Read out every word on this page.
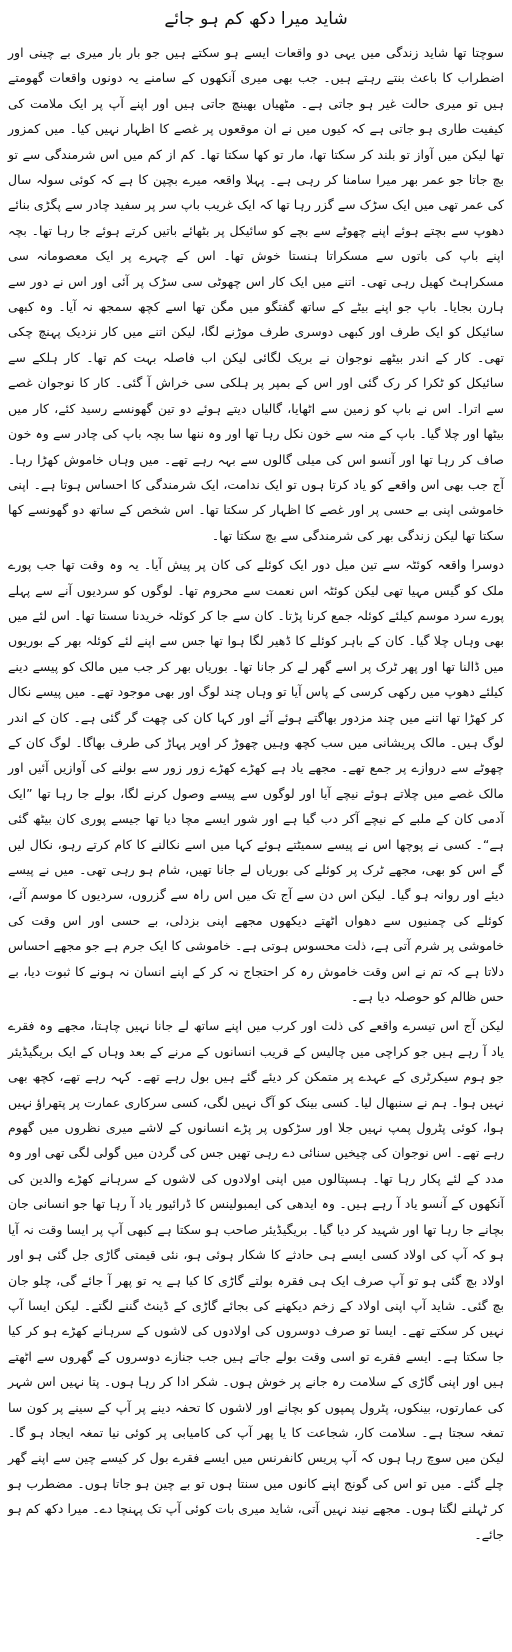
شاید میرا دکھ کم ہو جائے

سوچتا تھا شاید زندگی میں یہی دو واقعات ایسے ہو سکتے ہیں جو بار بار میری بے چینی اور اضطراب کا باعث بنتے رہتے ہیں۔ جب بھی میری آنکھوں کے سامنے یہ دونوں واقعات گھومتے ہیں تو میری حالت غیر ہو جاتی ہے۔ مٹھیاں بھینچ جاتی ہیں اور اپنے آپ پر ایک ملامت کی کیفیت طاری ہو جاتی ہے کہ کیوں میں نے ان موقعوں پر غصے کا اظہار نہیں کیا۔ میں کمزور تھا لیکن میں آواز تو بلند کر سکتا تھا، مار تو کھا سکتا تھا۔ کم از کم میں اس شرمندگی سے تو بچ جاتا جو عمر بھر میرا سامنا کر رہی ہے۔ پہلا واقعہ میرے بچپن کا ہے کہ کوئی سولہ سال کی عمر تھی میں ایک سڑک سے گزر رہا تھا کہ ایک غریب باپ سر پر سفید چادر سے پگڑی بنائے دھوپ سے بچتے ہوئے اپنے چھوٹے سے بچے کو سائیکل پر بٹھائے باتیں کرتے ہوئے جا رہا تھا۔ بچہ اپنے باپ کی باتوں سے مسکراتا ہنستا خوش تھا۔ اس کے چہرے پر ایک معصومانہ سی مسکراہٹ کھیل رہی تھی۔ اتنے میں ایک کار اس چھوٹی سی سڑک پر آئی اور اس نے دور سے ہارن بجایا۔ باپ جو اپنے بیٹے کے ساتھ گفتگو میں مگن تھا اسے کچھ سمجھ نہ آیا۔ وہ کبھی سائیکل کو ایک طرف اور کبھی دوسری طرف موڑنے لگا، لیکن اتنے میں کار نزدیک پہنچ چکی تھی۔ کار کے اندر بیٹھے نوجوان نے بریک لگائی لیکن اب فاصلہ بہت کم تھا۔ کار ہلکے سے سائیکل کو ٹکرا کر رک گئی اور اس کے بمپر پر ہلکی سی خراش آ گئی۔ کار کا نوجوان غصے سے اترا۔ اس نے باپ کو زمین سے اٹھایا، گالیاں دیتے ہوئے دو تین گھونسے رسید کئے، کار میں بیٹھا اور چلا گیا۔ باپ کے منہ سے خون نکل رہا تھا اور وہ ننھا سا بچہ باپ کی چادر سے وہ خون صاف کر رہا تھا اور آنسو اس کی میلی گالوں سے بہہ رہے تھے۔ میں وہاں خاموش کھڑا رہا۔ آج جب بھی اس واقعے کو یاد کرتا ہوں تو ایک ندامت، ایک شرمندگی کا احساس ہوتا ہے۔ اپنی خاموشی اپنی بے حسی پر اور غصے کا اظہار کر سکتا تھا۔ اس شخص کے ساتھ دو گھونسے کھا سکتا تھا لیکن زندگی بھر کی شرمندگی سے بچ سکتا تھا۔

دوسرا واقعہ کوئٹہ سے تین میل دور ایک کوئلے کی کان پر پیش آیا۔ یہ وہ وقت تھا جب پورے ملک کو گیس مہیا تھی لیکن کوئٹہ اس نعمت سے محروم تھا۔ لوگوں کو سردیوں آنے سے پہلے پورے سرد موسم کیلئے کوئلہ جمع کرنا پڑتا۔ کان سے جا کر کوئلہ خریدنا سستا تھا۔ اس لئے میں بھی وہاں چلا گیا۔ کان کے باہر کوئلے کا ڈھیر لگا ہوا تھا جس سے اپنے لئے کوئلہ بھر کے بوریوں میں ڈالنا تھا اور پھر ٹرک پر اسے گھر لے کر جانا تھا۔ بوریاں بھر کر جب میں مالک کو پیسے دینے کیلئے دھوپ میں رکھی کرسی کے پاس آیا تو وہاں چند لوگ اور بھی موجود تھے۔ میں پیسے نکال کر کھڑا تھا اتنے میں چند مزدور بھاگتے ہوئے آئے اور کہا کان کی چھت گر گئی ہے۔ کان کے اندر لوگ ہیں۔ مالک پریشانی میں سب کچھ وہیں چھوڑ کر اوپر پہاڑ کی طرف بھاگا۔ لوگ کان کے چھوٹے سے دروازے پر جمع تھے۔ مجھے یاد ہے کھڑے کھڑے زور زور سے بولنے کی آوازیں آئیں اور مالک غصے میں چلاتے ہوئے نیچے آیا اور لوگوں سے پیسے وصول کرنے لگا، بولے جا رہا تھا ”ایک آدمی کان کے ملبے کے نیچے آکر دب گیا ہے اور شور ایسے مچا دیا تھا جیسے پوری کان بیٹھ گئی ہے“۔ کسی نے پوچھا اس نے پیسے سمیٹتے ہوئے کہا میں اسے نکالنے کا کام کرتے رہو، نکال لیں گے اس کو بھی، مجھے ٹرک پر کوئلے کی بوریاں لے جانا تھیں، شام ہو رہی تھی۔ میں نے پیسے دیئے اور روانہ ہو گیا۔ لیکن اس دن سے آج تک میں اس راہ سے گزروں، سردیوں کا موسم آئے، کوئلے کی چمنیوں سے دھواں اٹھتے دیکھوں مجھے اپنی بزدلی، بے حسی اور اس وقت کی خاموشی پر شرم آتی ہے، ذلت محسوس ہوتی ہے۔ خاموشی کا ایک جرم ہے جو مجھے احساس دلاتا ہے کہ تم نے اس وقت خاموش رہ کر احتجاج نہ کر کے اپنے انسان نہ ہونے کا ثبوت دیا، بے حس ظالم کو حوصلہ دیا ہے۔

لیکن آج اس تیسرے واقعے کی ذلت اور کرب میں اپنے ساتھ لے جانا نہیں چاہتا، مجھے وہ فقرے یاد آ رہے ہیں جو کراچی میں چالیس کے قریب انسانوں کے مرنے کے بعد وہاں کے ایک بریگیڈیئر جو ہوم سیکرٹری کے عہدے پر متمکن کر دیئے گئے ہیں بول رہے تھے۔ کہہ رہے تھے، کچھ بھی نہیں ہوا۔ ہم نے سنبھال لیا۔ کسی بینک کو آگ نہیں لگی، کسی سرکاری عمارت پر پتھراؤ نہیں ہوا، کوئی پٹرول پمپ نہیں جلا اور سڑکوں پر پڑے انسانوں کے لاشے میری نظروں میں گھوم رہے تھے۔ اس نوجوان کی چیخیں سنائی دے رہی تھیں جس کی گردن میں گولی لگی تھی اور وہ مدد کے لئے پکار رہا تھا۔ ہسپتالوں میں اپنی اولادوں کی لاشوں کے سرہانے کھڑے والدین کی آنکھوں کے آنسو یاد آ رہے ہیں۔ وہ ایدھی کی ایمبولینس کا ڈرائیور یاد آ رہا تھا جو انسانی جان بچانے جا رہا تھا اور شہید کر دیا گیا۔ بریگیڈیئر صاحب ہو سکتا ہے کبھی آپ پر ایسا وقت نہ آیا ہو کہ آپ کی اولاد کسی ایسے ہی حادثے کا شکار ہوئی ہو، نئی قیمتی گاڑی جل گئی ہو اور اولاد بچ گئی ہو تو آپ صرف ایک ہی فقرہ بولتے گاڑی کا کیا ہے یہ تو پھر آ جائے گی، چلو جان بچ گئی۔ شاید آپ اپنی اولاد کے زخم دیکھنے کی بجائے گاڑی کے ڈینٹ گننے لگتے۔ لیکن ایسا آپ نہیں کر سکتے تھے۔ ایسا تو صرف دوسروں کی اولادوں کی لاشوں کے سرہانے کھڑے ہو کر کیا جا سکتا ہے۔ ایسے فقرے تو اسی وقت بولے جاتے ہیں جب جنازے دوسروں کے گھروں سے اٹھتے ہیں اور اپنی گاڑی کے سلامت رہ جانے پر خوش ہوں۔ شکر ادا کر رہا ہوں۔ پتا نہیں اس شہر کی عمارتوں، بینکوں، پٹرول پمپوں کو بچانے اور لاشوں کا تحفہ دینے پر آپ کے سینے پر کون سا تمغہ سجتا ہے۔ سلامت کار، شجاعت کا یا پھر آپ کی کامیابی پر کوئی نیا تمغہ ایجاد ہو گا۔ لیکن میں سوچ رہا ہوں کہ آپ پریس کانفرنس میں ایسے فقرے بول کر کیسے چین سے اپنے گھر چلے گئے۔ میں تو اس کی گونج اپنے کانوں میں سنتا ہوں تو بے چین ہو جاتا ہوں۔ مضطرب ہو کر ٹہلنے لگتا ہوں۔ مجھے نیند نہیں آتی، شاید میری بات کوئی آپ تک پہنچا دے۔ میرا دکھ کم ہو جائے۔
